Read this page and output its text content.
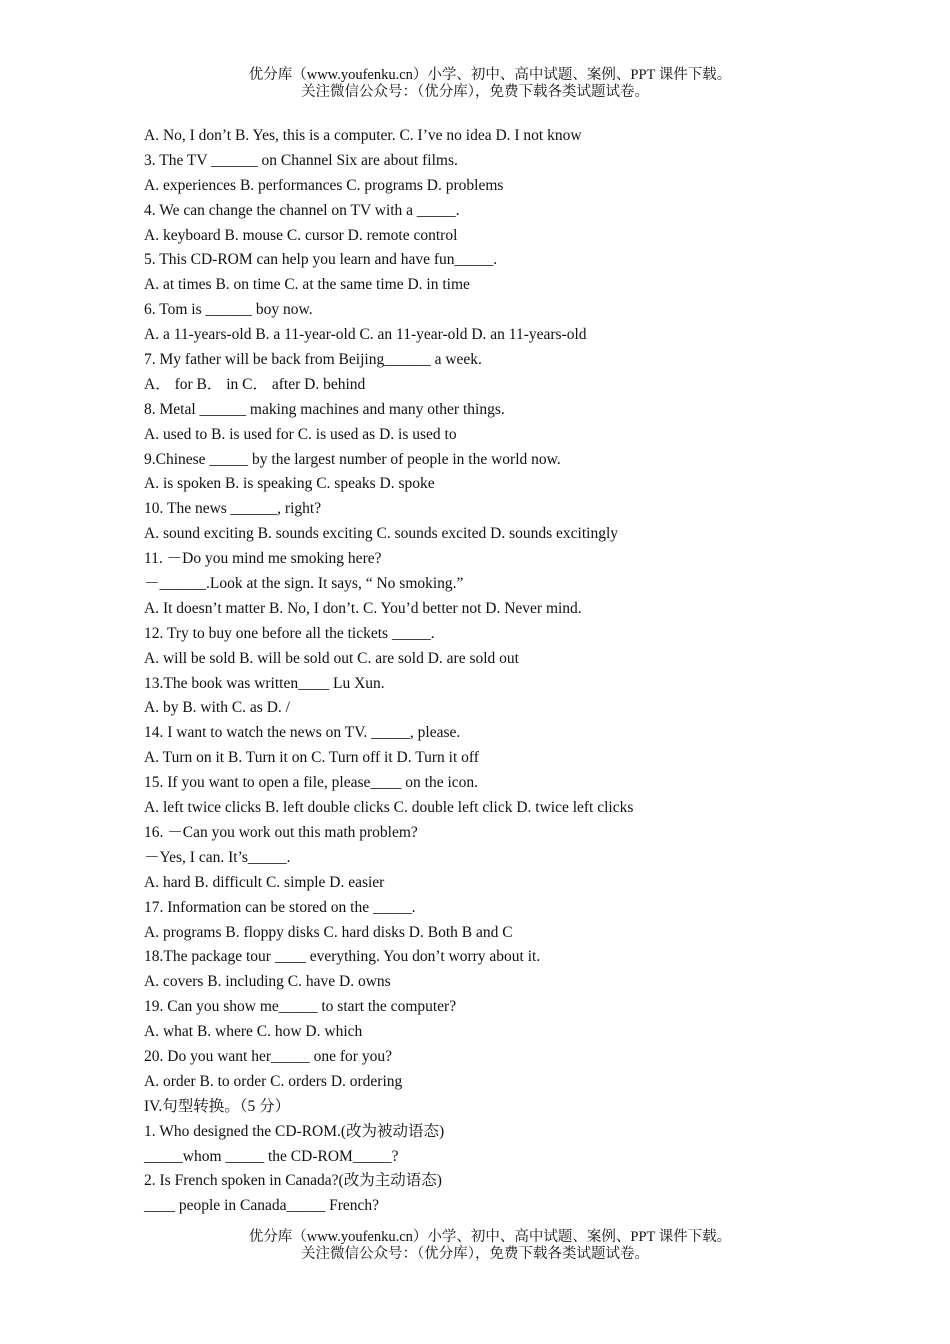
优分库（www.youfenku.cn）小学、初中、高中试题、案例、PPT 课件下载。
关注微信公众号：（优分库），免费下载各类试题试卷。
A. No, I don’t B. Yes, this is a computer. C. I’ve no idea D. I not know
3. The TV ______ on Channel Six are about films.
A. experiences B. performances C. programs D. problems
4. We can change the channel on TV with a _____.
A. keyboard B. mouse C. cursor D. remote control
5. This CD-ROM can help you learn and have fun_____.
A. at times B. on time C. at the same time D. in time
6. Tom is ______ boy now.
A. a 11-years-old B. a 11-year-old C. an 11-year-old D. an 11-years-old
7. My father will be back from Beijing______ a week.
A． for B． in C． after D. behind
8. Metal ______ making machines and many other things.
A. used to B. is used for C. is used as D. is used to
9.Chinese _____ by the largest number of people in the world now.
A. is spoken B. is speaking C. speaks D. spoke
10. The news ______, right?
A. sound exciting B. sounds exciting C. sounds excited D. sounds excitingly
11. －Do you mind me smoking here?
－______.Look at the sign. It says, “ No smoking.”
A. It doesn’t matter B. No, I don’t. C. You’d better not D. Never mind.
12. Try to buy one before all the tickets _____.
A. will be sold B. will be sold out C. are sold D. are sold out
13.The book was written____ Lu Xun.
A. by B. with C. as D. /
14. I want to watch the news on TV. _____, please.
A. Turn on it B. Turn it on C. Turn off it D. Turn it off
15. If you want to open a file, please____ on the icon.
A. left twice clicks B. left double clicks C. double left click D. twice left clicks
16. －Can you work out this math problem?
－Yes, I can. It’s_____.
A. hard B. difficult C. simple D. easier
17. Information can be stored on the _____.
A. programs B. floppy disks C. hard disks D. Both B and C
18.The package tour ____ everything. You don’t worry about it.
A. covers B. including C. have D. owns
19. Can you show me_____ to start the computer?
A. what B. where C. how D. which
20. Do you want her_____ one for you?
A. order B. to order C. orders D. ordering
IV.句型转换。（5 分）
1. Who designed the CD-ROM.(改为被动语态)
_____whom _____ the CD-ROM_____?
2. Is French spoken in Canada?(改为主动语态)
____ people in Canada_____ French?
优分库（www.youfenku.cn）小学、初中、高中试题、案例、PPT 课件下载。
关注微信公众号：（优分库），免费下载各类试题试卷。
